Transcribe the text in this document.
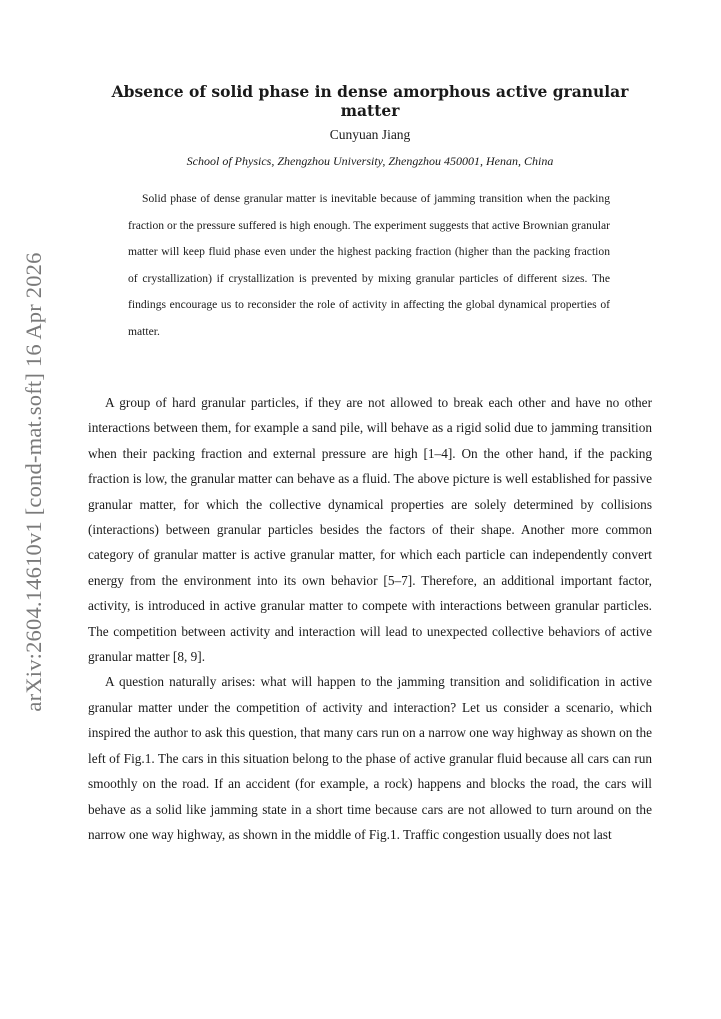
arXiv:2604.14610v1 [cond-mat.soft] 16 Apr 2026
Absence of solid phase in dense amorphous active granular matter
Cunyuan Jiang
School of Physics, Zhengzhou University, Zhengzhou 450001, Henan, China

Solid phase of dense granular matter is inevitable because of jamming transition when the packing fraction or the pressure suffered is high enough. The experiment suggests that active Brownian granular matter will keep fluid phase even under the highest packing fraction (higher than the packing fraction of crystallization) if crystallization is prevented by mixing granular particles of different sizes. The findings encourage us to reconsider the role of activity in affecting the global dynamical properties of matter.

A group of hard granular particles, if they are not allowed to break each other and have no other interactions between them, for example a sand pile, will behave as a rigid solid due to jamming transition when their packing fraction and external pressure are high [1–4]. On the other hand, if the packing fraction is low, the granular matter can behave as a fluid. The above picture is well established for passive granular matter, for which the collective dynamical properties are solely determined by collisions (interactions) between granular particles besides the factors of their shape. Another more common category of granular matter is active granular matter, for which each particle can independently convert energy from the environment into its own behavior [5–7]. Therefore, an additional important factor, activity, is introduced in active granular matter to compete with interactions between granular particles. The competition between activity and interaction will lead to unexpected collective behaviors of active granular matter [8, 9].

A question naturally arises: what will happen to the jamming transition and solidification in active granular matter under the competition of activity and interaction? Let us consider a scenario, which inspired the author to ask this question, that many cars run on a narrow one way highway as shown on the left of Fig.1. The cars in this situation belong to the phase of active granular fluid because all cars can run smoothly on the road. If an accident (for example, a rock) happens and blocks the road, the cars will behave as a solid like jamming state in a short time because cars are not allowed to turn around on the narrow one way highway, as shown in the middle of Fig.1. Traffic congestion usually does not last
